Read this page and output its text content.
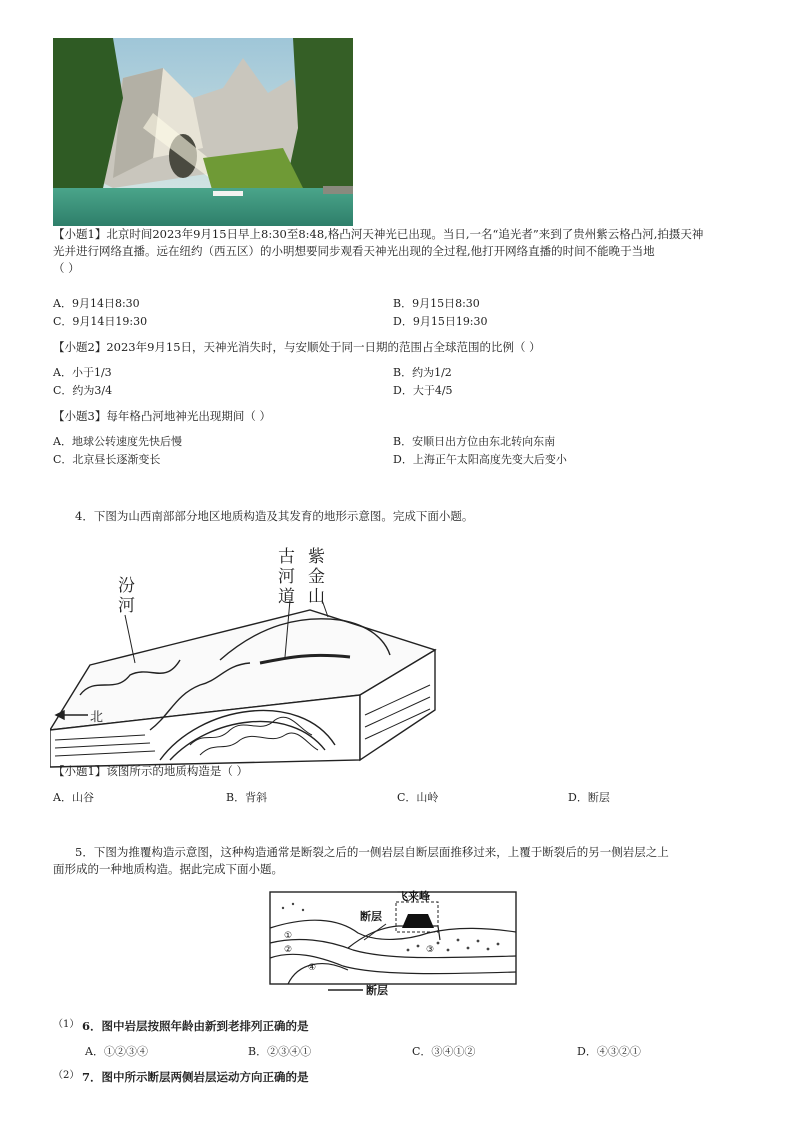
【小题1】北京时间2023年9月15日早上8:30至8:48,格凸河天神光已出现。当日,一名“追光者”来到了贵州紫云格凸河,拍摄天神
光并进行网络直播。远在纽约（西五区）的小明想要同步观看天神光出现的全过程,他打开网络直播的时间不能晚于当地
（ ）
A．9月14日8:30	B．9月15日8:30
C．9月14日19:30	D．9月15日19:30
【小题2】2023年9月15日，天神光消失时，与安顺处于同一日期的范围占全球范围的比例（ ）
A．小于1/3	B．约为1/2
C．约为3/4	D．大于4/5
【小题3】每年格凸河地神光出现期间（ ）
A．地球公转速度先快后慢	B．安顺日出方位由东北转向东南
C．北京昼长逐渐变长	D．上海正午太阳高度先变大后变小
4．下图为山西南部部分地区地质构造及其发育的地形示意图。完成下面小题。
北
汾
河
古
河
道
紫
金
山
【小题1】该图所示的地质构造是（ ）
A．山谷	B．背斜	C．山岭	D．断层
5．下图为推覆构造示意图，这种构造通常是断裂之后的一侧岩层自断层面推移过来，上覆于断裂后的另一侧岩层之上
面形成的一种地质构造。据此完成下面小题。
飞来峰
断层
断层
①
②	③
④
（1） 6．图中岩层按照年龄由新到老排列正确的是
A．①②③④	B．②③④①	C．③④①②	D．④③②①
（2） 7．图中所示断层两侧岩层运动方向正确的是
